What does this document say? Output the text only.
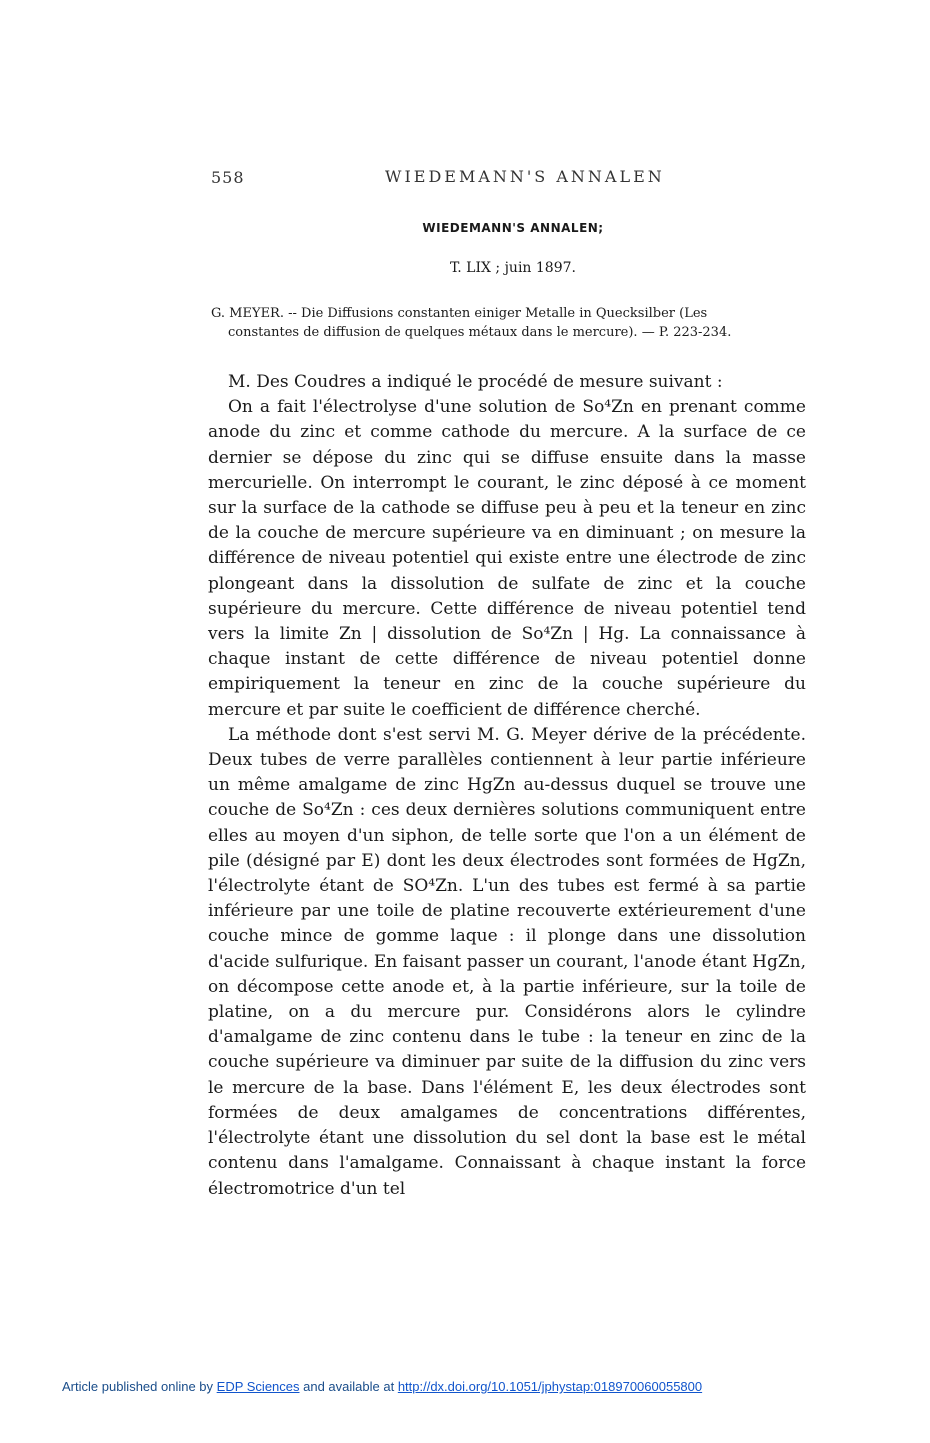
558	WIEDEMANN'S ANNALEN
WIEDEMANN'S ANNALEN;
T. LIX ; juin 1897.
G. MEYER. -- Die Diffusions constanten einiger Metalle in Quecksilber (Les
constantes de diffusion de quelques métaux dans le mercure). — P. 223-234.

M. Des Coudres a indiqué le procédé de mesure suivant :

On a fait l'électrolyse d'une solution de So⁴Zn en prenant comme anode du zinc et comme cathode du mercure. A la surface de ce dernier se dépose du zinc qui se diffuse ensuite dans la masse mercurielle. On interrompt le courant, le zinc déposé à ce moment sur la surface de la cathode se diffuse peu à peu et la teneur en zinc de la couche de mercure supérieure va en diminuant ; on mesure la différence de niveau potentiel qui existe entre une électrode de zinc plongeant dans la dissolution de sulfate de zinc et la couche supérieure du mercure. Cette différence de niveau potentiel tend vers la limite Zn | dissolution de So⁴Zn | Hg. La connaissance à chaque instant de cette différence de niveau potentiel donne empiriquement la teneur en zinc de la couche supérieure du mercure et par suite le coefficient de différence cherché.

La méthode dont s'est servi M. G. Meyer dérive de la précédente. Deux tubes de verre parallèles contiennent à leur partie inférieure un même amalgame de zinc HgZn au-dessus duquel se trouve une couche de So⁴Zn : ces deux dernières solutions communiquent entre elles au moyen d'un siphon, de telle sorte que l'on a un élément de pile (désigné par E) dont les deux électrodes sont formées de HgZn, l'électrolyte étant de SO⁴Zn. L'un des tubes est fermé à sa partie inférieure par une toile de platine recouverte extérieurement d'une couche mince de gomme laque : il plonge dans une dissolution d'acide sulfurique. En faisant passer un courant, l'anode étant HgZn, on décompose cette anode et, à la partie inférieure, sur la toile de platine, on a du mercure pur. Considérons alors le cylindre d'amalgame de zinc contenu dans le tube : la teneur en zinc de la couche supérieure va diminuer par suite de la diffusion du zinc vers le mercure de la base. Dans l'élément E, les deux électrodes sont formées de deux amalgames de concentrations différentes, l'électrolyte étant une dissolution du sel dont la base est le métal contenu dans l'amalgame. Connaissant à chaque instant la force électromotrice d'un tel

Article published online by EDP Sciences and available at http://dx.doi.org/10.1051/jphystap:018970060055800
